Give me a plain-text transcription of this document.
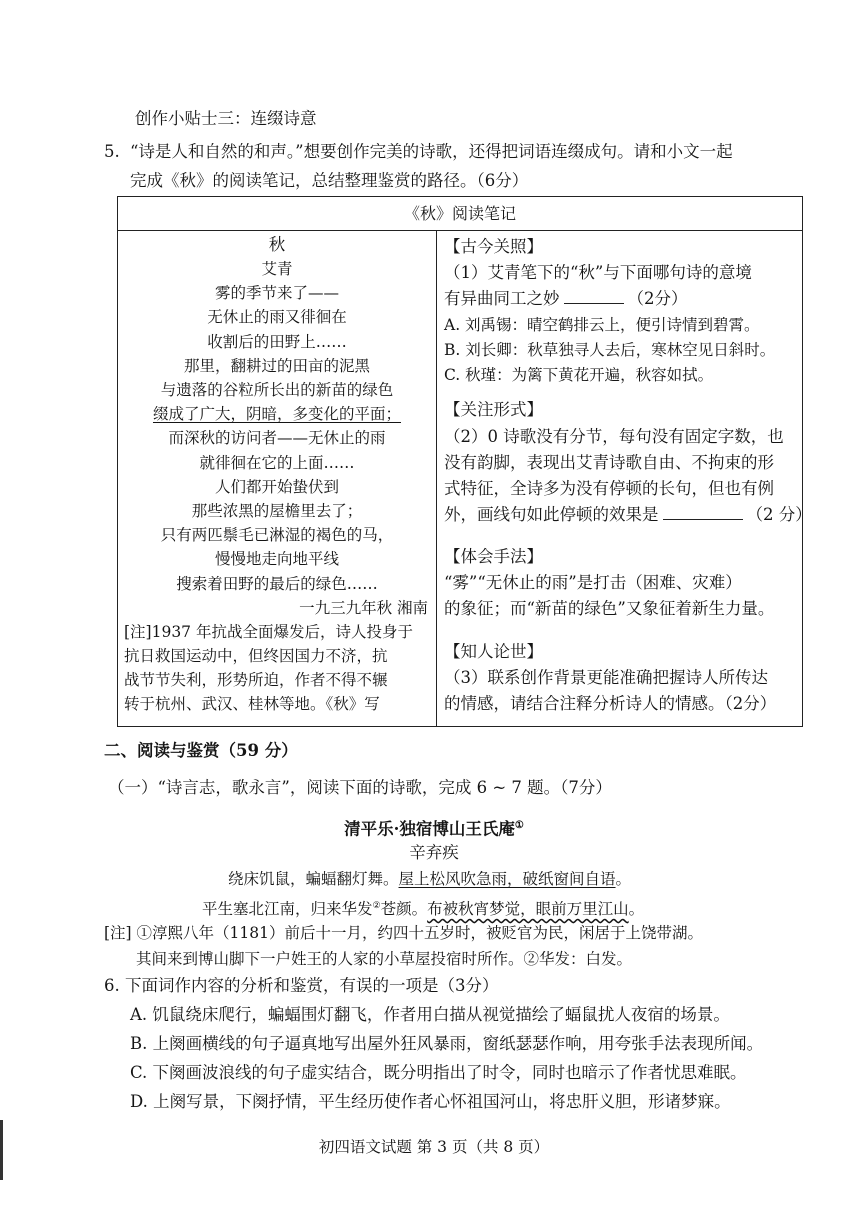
创作小贴士三：连缀诗意
5. “诗是人和自然的和声。”想要创作完美的诗歌，还得把词语连缀成句。请和小文一起
完成《秋》的阅读笔记，总结整理鉴赏的路径。（6分）
《秋》阅读笔记
秋
艾青
雾的季节来了——
无休止的雨又徘徊在
收割后的田野上……
那里，翻耕过的田亩的泥黑
与遗落的谷粒所长出的新苗的绿色
缀成了广大，阴暗，多变化的平面；
而深秋的访问者——无休止的雨
就徘徊在它的上面……
人们都开始蛰伏到
那些浓黑的屋檐里去了；
只有两匹鬃毛已淋湿的褐色的马，
慢慢地走向地平线
搜索着田野的最后的绿色……
一九三九年秋 湘南
[注]1937 年抗战全面爆发后，诗人投身于
抗日救国运动中，但终因国力不济，抗
战节节失利，形势所迫，作者不得不辗
转于杭州、武汉、桂林等地。《秋》写
【古今关照】
（1）艾青笔下的“秋”与下面哪句诗的意境
有异曲同工之妙	（2分）
A. 刘禹锡：晴空鹤排云上，便引诗情到碧霄。
B. 刘长卿：秋草独寻人去后，寒林空见日斜时。
C. 秋瑾：为篱下黄花开遍，秋容如拭。
【关注形式】
（2）0 诗歌没有分节，每句没有固定字数，也
没有韵脚，表现出艾青诗歌自由、不拘束的形
式特征，全诗多为没有停顿的长句，但也有例
外，画线句如此停顿的效果是	（2 分）
【体会手法】
“雾”“无休止的雨”是打击（困难、灾难）
的象征；而“新苗的绿色”又象征着新生力量。
【知人论世】
（3）联系创作背景更能准确把握诗人所传达
的情感，请结合注释分析诗人的情感。（2分）
二、阅读与鉴赏（59 分）
（一）“诗言志，歌永言”，阅读下面的诗歌，完成 6 ~ 7 题。（7分）
清平乐·独宿博山王氏庵①
辛弃疾
绕床饥鼠，蝙蝠翻灯舞。屋上松风吹急雨，破纸窗间自语。
平生塞北江南，归来华发②苍颜。布被秋宵梦觉，眼前万里江山。
[注] ①淳熙八年（1181）前后十一月，约四十五岁时，被贬官为民，闲居于上饶带湖。
其间来到博山脚下一户姓王的人家的小草屋投宿时所作。②华发：白发。
6. 下面词作内容的分析和鉴赏，有误的一项是（3分）
A. 饥鼠绕床爬行，蝙蝠围灯翻飞，作者用白描从视觉描绘了蝠鼠扰人夜宿的场景。
B. 上阕画横线的句子逼真地写出屋外狂风暴雨，窗纸瑟瑟作响，用夸张手法表现所闻。
C. 下阕画波浪线的句子虚实结合，既分明指出了时令，同时也暗示了作者忧思难眠。
D. 上阕写景，下阕抒情，平生经历使作者心怀祖国河山，将忠肝义胆，形诸梦寐。
初四语文试题 第 3 页（共 8 页）
